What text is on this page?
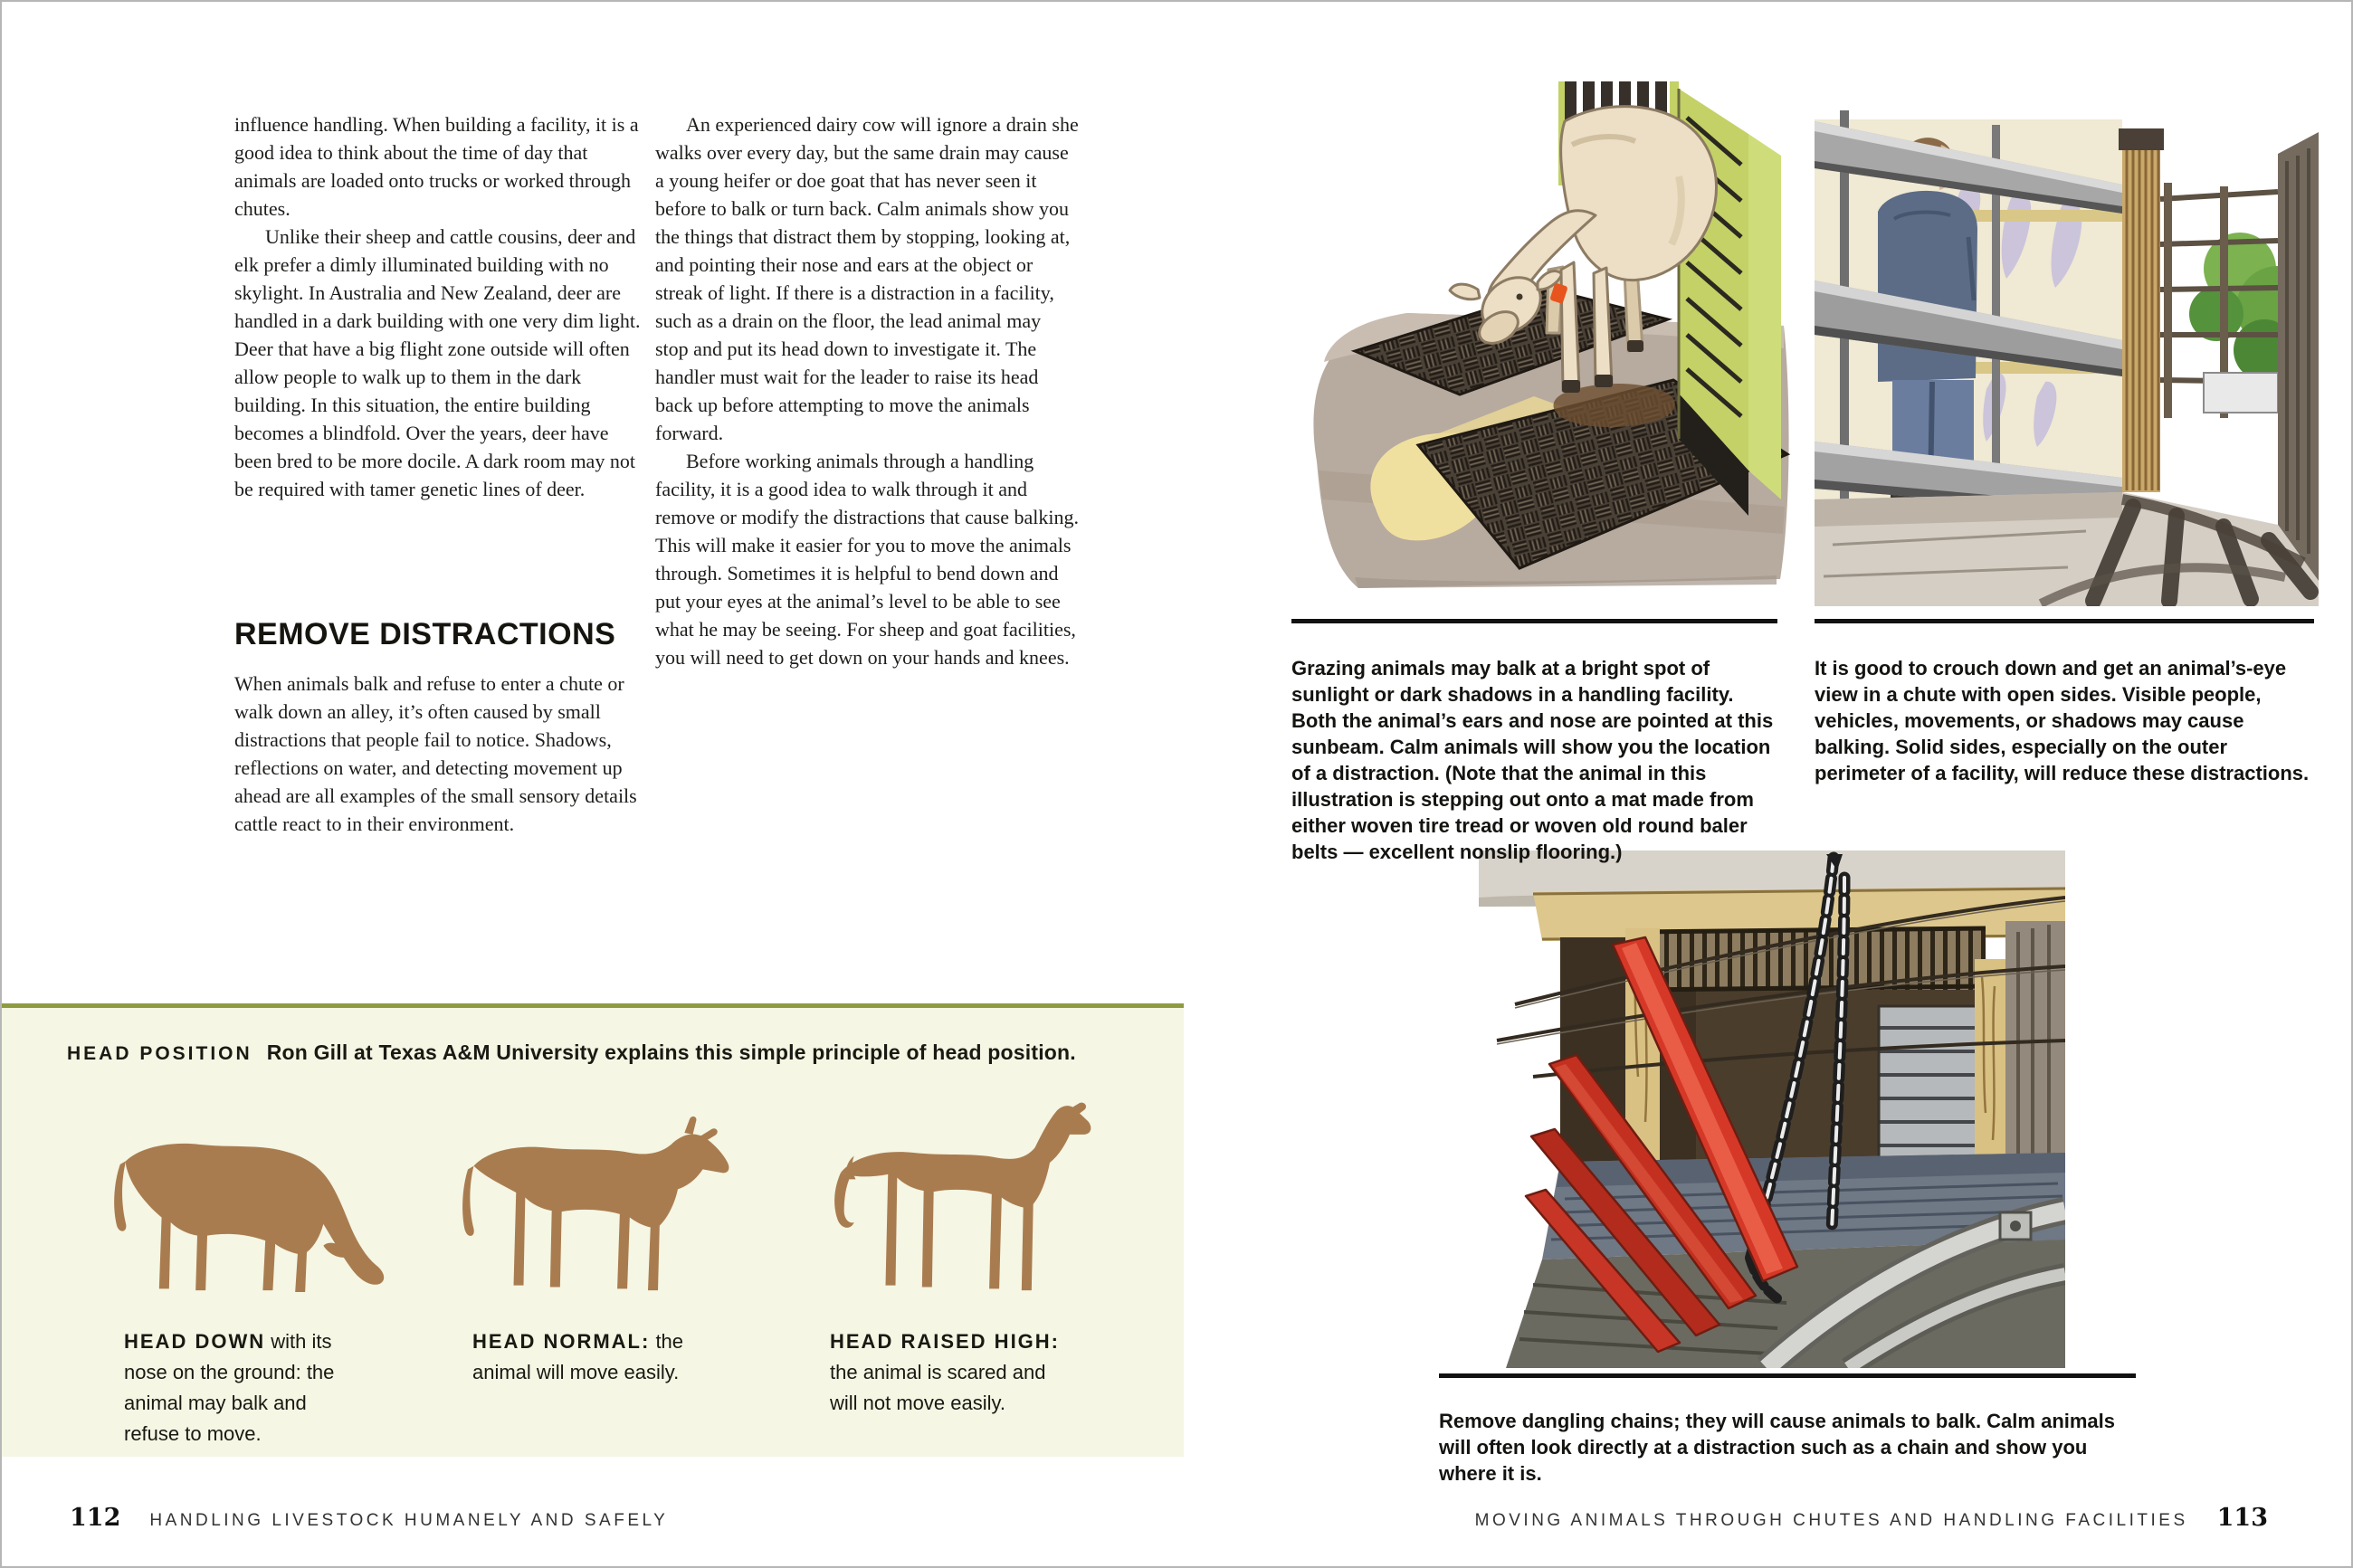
influence handling. When building a facility, it is a good idea to think about the time of day that animals are loaded onto trucks or worked through chutes.

Unlike their sheep and cattle cousins, deer and elk prefer a dimly illuminated building with no skylight. In Australia and New Zealand, deer are handled in a dark building with one very dim light. Deer that have a big flight zone outside will often allow people to walk up to them in the dark building. In this situation, the entire building becomes a blindfold. Over the years, deer have been bred to be more docile. A dark room may not be required with tamer genetic lines of deer.

REMOVE DISTRACTIONS

When animals balk and refuse to enter a chute or walk down an alley, it’s often caused by small distractions that people fail to notice. Shadows, reflections on water, and detecting movement up ahead are all examples of the small sensory details cattle react to in their environment.

An experienced dairy cow will ignore a drain she walks over every day, but the same drain may cause a young heifer or doe goat that has never seen it before to balk or turn back. Calm animals show you the things that distract them by stopping, looking at, and pointing their nose and ears at the object or streak of light. If there is a distraction in a facility, such as a drain on the floor, the lead animal may stop and put its head down to investigate it. The handler must wait for the leader to raise its head back up before attempting to move the animals forward.

Before working animals through a handling facility, it is a good idea to walk through it and remove or modify the distractions that cause balking. This will make it easier for you to move the animals through. Sometimes it is helpful to bend down and put your eyes at the animal’s level to be able to see what he may be seeing. For sheep and goat facilities, you will need to get down on your hands and knees.

HEAD POSITION Ron Gill at Texas A&M University explains this simple principle of head position.
HEAD DOWN with its nose on the ground: the animal may balk and refuse to move.
HEAD NORMAL: the animal will move easily.
HEAD RAISED HIGH: the animal is scared and will not move easily.
112 HANDLING LIVESTOCK HUMANELY AND SAFELY

Grazing animals may balk at a bright spot of sunlight or dark shadows in a handling facility. Both the animal’s ears and nose are pointed at this sunbeam. Calm animals will show you the location of a distraction. (Note that the animal in this illustration is stepping out onto a mat made from either woven tire tread or woven old round baler belts — excellent nonslip flooring.)

It is good to crouch down and get an animal’s-eye view in a chute with open sides. Visible people, vehicles, movements, or shadows may cause balking. Solid sides, especially on the outer perimeter of a facility, will reduce these distractions.

Remove dangling chains; they will cause animals to balk. Calm animals will often look directly at a distraction such as a chain and show you where it is.

MOVING ANIMALS THROUGH CHUTES AND HANDLING FACILITIES 113
